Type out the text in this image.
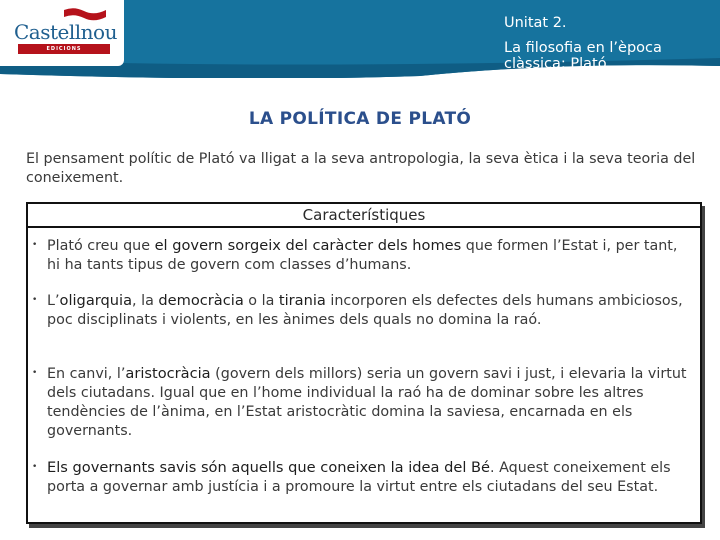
Castellnou
EDICIONS
Unitat 2.
La filosofia en l’època clàssica: Plató
LA POLÍTICA DE PLATÓ
El pensament polític de Plató va lligat a la seva antropologia, la seva ètica i la seva teoria del coneixement.
Característiques
• Plató creu que el govern sorgeix del caràcter dels homes que formen l’Estat i, per tant, hi ha tants tipus de govern com classes d’humans.
• L’oligarquia, la democràcia o la tirania incorporen els defectes dels humans ambiciosos, poc disciplinats i violents, en les ànimes dels quals no domina la raó.
• En canvi, l’aristocràcia (govern dels millors) seria un govern savi i just, i elevaria la virtut dels ciutadans. Igual que en l’home individual la raó ha de dominar sobre les altres tendències de l’ànima, en l’Estat aristocràtic domina la saviesa, encarnada en els governants.
• Els governants savis són aquells que coneixen la idea del Bé. Aquest coneixement els porta a governar amb justícia i a promoure la virtut entre els ciutadans del seu Estat.
